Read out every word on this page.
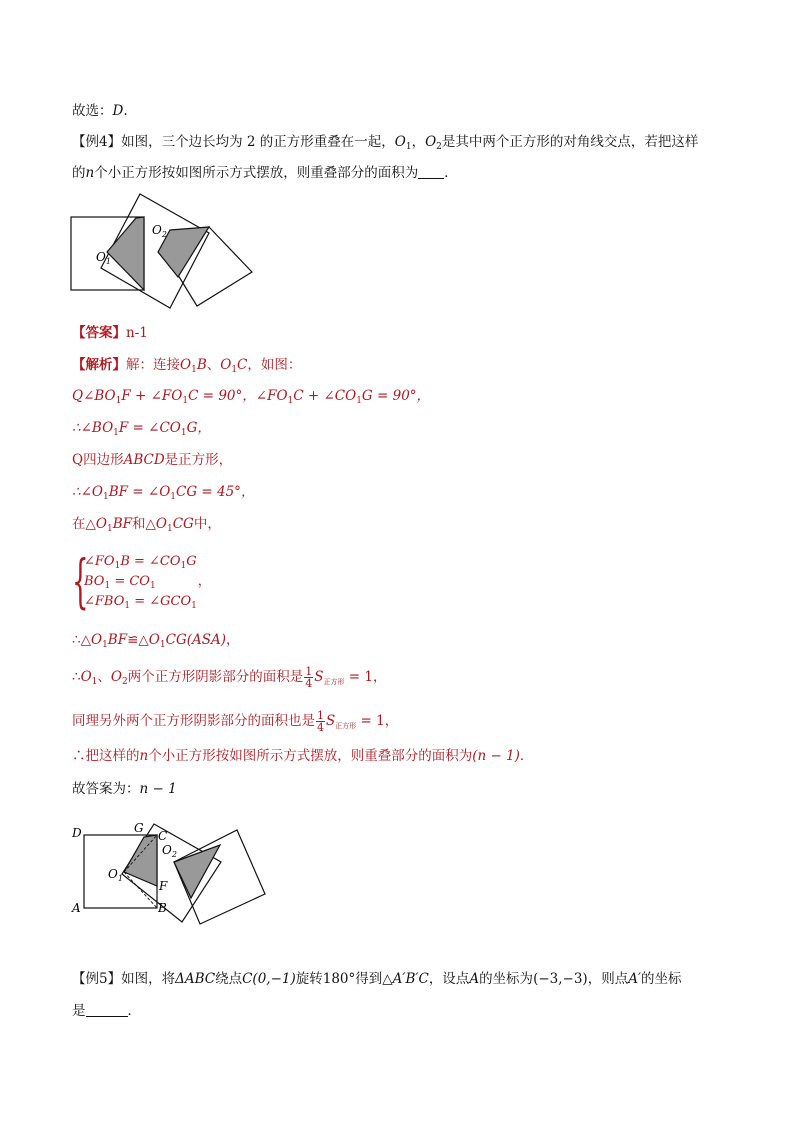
故选：D.
【例4】如图，三个边长均为 2 的正方形重叠在一起，$O_1$，$O_2$是其中两个正方形的对角线交点，若把这样
的n个小正方形按如图所示方式摆放，则重叠部分的面积为 ．
$O_1$
$O_2$
【答案】n-1
【解析】解：连接$O_1B$、$O_1C$，如图：
$Q\angle BO_1F$ + $\angle FO_1C = 90^\circ$，$\angle FO_1C$ + $\angle CO_1G = 90^\circ$，
$\therefore\angle BO_1F$ = $\angle CO_1G$，
Q四边形ABCD是正方形，
$\therefore\angle O_1BF$ = $\angle O_1CG = 45^\circ$，
在$\triangle O_1BF$和$\triangle O_1CG$中，
{
$\angle FO_1B$ = $\angle CO_1G$
$BO_1 = CO_1$	，
$\angle FBO_1$ = $\angle GCO_1$
$\therefore\triangle O_1BF≌\triangle O_1CG(ASA)$，
$\therefore O_1$、$O_2$两个正方形阴影部分的面积是 $\frac{1}{4} S_{正方形} = 1$，
同理另外两个正方形阴影部分的面积也是 $\frac{1}{4} S_{正方形} = 1$，
∴把这样的n个小正方形按如图所示方式摆放，则重叠部分的面积为(n − 1)．
故答案为：n − 1
D	G
C
$O_2$
$O_1$
F
A	B
【例5】如图，将ΔABC绕点C(0,−1)旋转180°得到△A′B′C，设点A的坐标为(−3,−3)，则点A′的坐标
是	．
